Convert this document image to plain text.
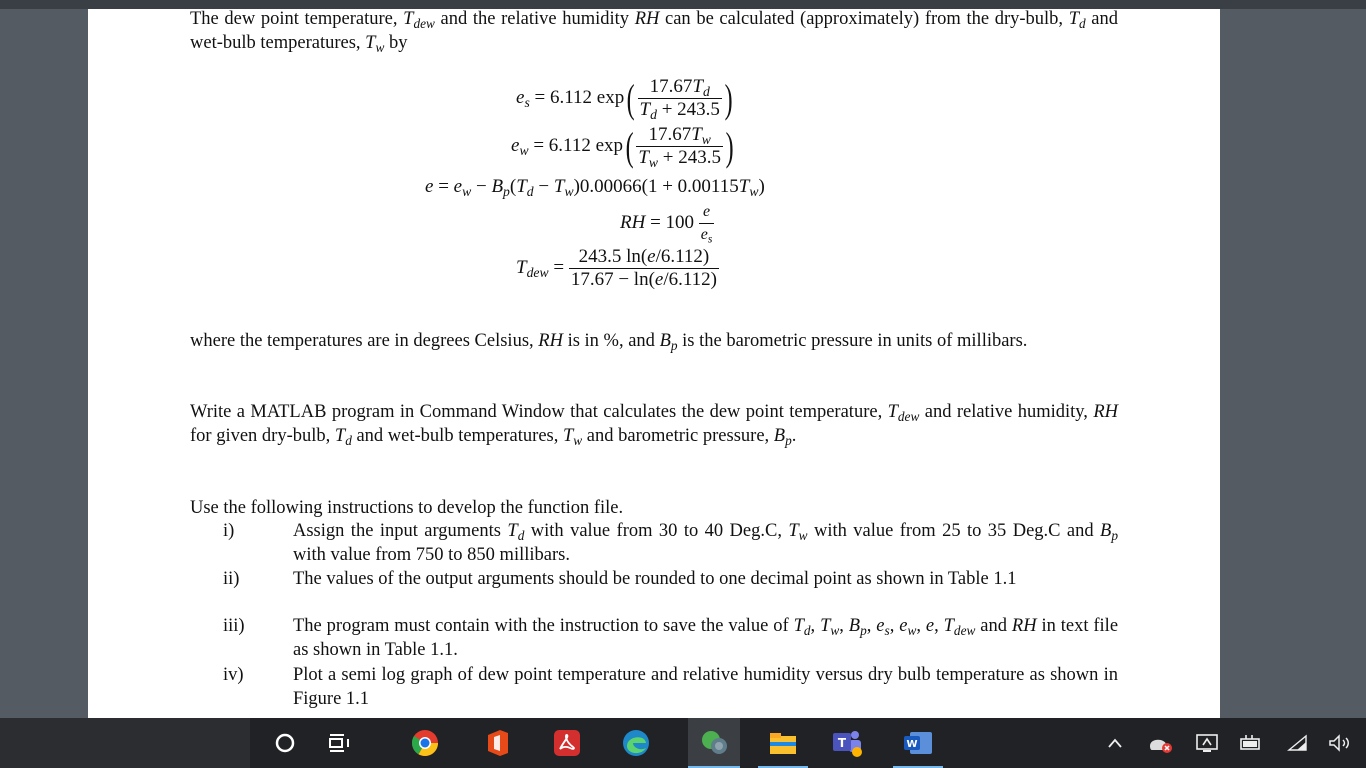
The dew point temperature, $T_{dew}$ and the relative humidity RH can be calculated (approximately) from the dry-bulb, $T_d$ and wet-bulb temperatures, $T_w$ by

$e_s = 6.112$ $\exp( \frac{17.67T_d}{T_d + 243.5}$ )
$e_w = 6.112$ $\exp( \frac{17.67T_w}{T_w + 243.5}$ )
$e = e_w - B_p(T_d - T_w)0.00066(1 + 0.00115T_w)$
RH = $100 \frac{e}{e_s}$
$T_{dew} = \frac{243.5 \ln(e/6.112)}{17.67 - \ln(e/6.112)}$

where the temperatures are in degrees Celsius, RH is in %, and $B_p$ is the barometric pressure in units of millibars.

Write a MATLAB program in Command Window that calculates the dew point temperature, $T_{dew}$ and relative humidity, RH for given dry-bulb, $T_d$ and wet-bulb temperatures, $T_w$ and barometric pressure, $B_p$.

Use the following instructions to develop the function file.

i)	Assign the input arguments $T_d$ with value from 30 to 40 Deg.C, $T_w$ with value from 25 to 35 Deg.C and $B_p$ with value from 750 to 850 millibars.

ii)	The values of the output arguments should be rounded to one decimal point as shown in Table 1.1

iii)	The program must contain with the instruction to save the value of $T_d$, $T_w$, $B_p$, $e_s$, $e_w$, e, $T_{dew}$ and RH in text file as shown in Table 1.1.

iv)	Plot a semi log graph of dew point temperature and relative humidity versus dry bulb temperature as shown in Figure 1.1

T	W
